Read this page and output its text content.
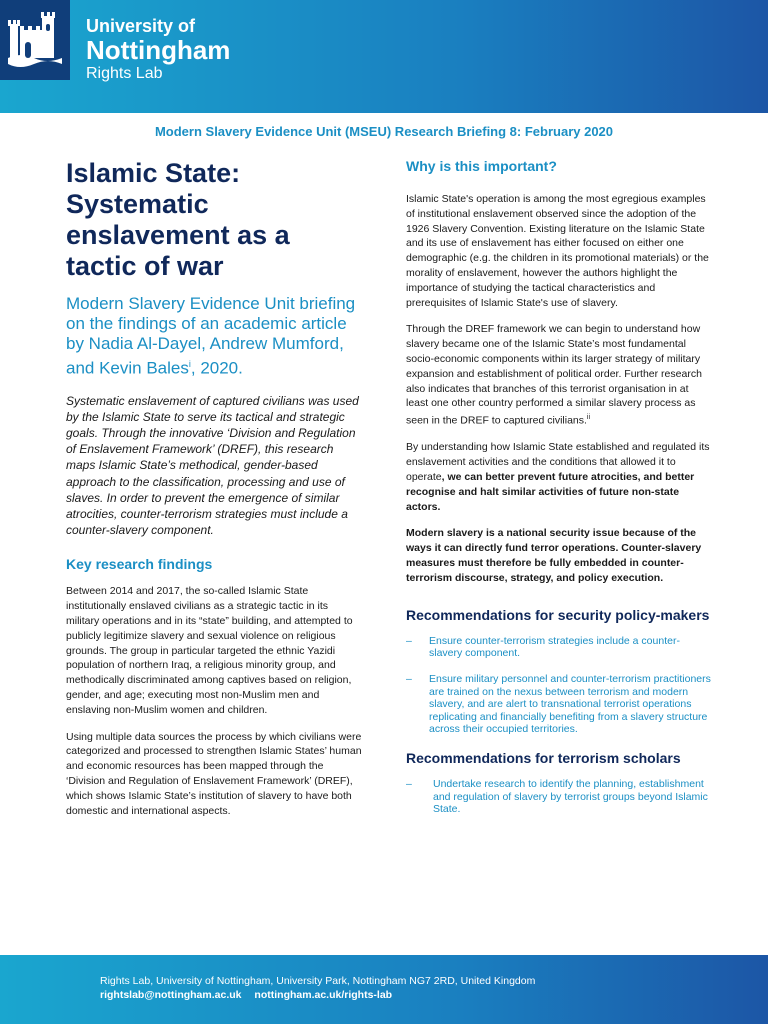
University of
Nottingham
Rights Lab
Modern Slavery Evidence Unit (MSEU) Research Briefing 8: February 2020
Islamic State: Systematic enslavement as a tactic of war
Modern Slavery Evidence Unit briefing on the findings of an academic article by Nadia Al-Dayel, Andrew Mumford, and Kevin Bales$^i$, 2020.

Systematic enslavement of captured civilians was used by the Islamic State to serve its tactical and strategic goals. Through the innovative ‘Division and Regulation of Enslavement Framework’ (DREF), this research maps Islamic State’s methodical, gender-based approach to the classification, processing and use of slaves. In order to prevent the emergence of similar atrocities, counter-terrorism strategies must include a counter-slavery component.

Key research findings

Between 2014 and 2017, the so-called Islamic State institutionally enslaved civilians as a strategic tactic in its military operations and in its “state” building, and attempted to publicly legitimize slavery and sexual violence on religious grounds. The group in particular targeted the ethnic Yazidi population of northern Iraq, a religious minority group, and methodically discriminated among captives based on religion, gender, and age; executing most non-Muslim men and enslaving non-Muslim women and children.

Using multiple data sources the process by which civilians were categorized and processed to strengthen Islamic States’ human and economic resources has been mapped through the ‘Division and Regulation of Enslavement Framework’ (DREF), which shows Islamic State’s institution of slavery to have both domestic and international aspects.

Why is this important?

Islamic State's operation is among the most egregious examples of institutional enslavement observed since the adoption of the 1926 Slavery Convention. Existing literature on the Islamic State and its use of enslavement has either focused on either one demographic (e.g. the children in its promotional materials) or the morality of enslavement, however the authors highlight the importance of studying the tactical characteristics and prerequisites of Islamic State's use of slavery.

Through the DREF framework we can begin to understand how slavery became one of the Islamic State’s most fundamental socio-economic components within its larger strategy of military expansion and establishment of political order. Further research also indicates that branches of this terrorist organisation in at least one other country performed a similar slavery process as seen in the DREF to captured civilians.$^{ii}$

By understanding how Islamic State established and regulated its enslavement activities and the conditions that allowed it to operate, we can better prevent future atrocities, and better recognise and halt similar activities of future non-state actors.

Modern slavery is a national security issue because of the ways it can directly fund terror operations. Counter-slavery measures must therefore be fully embedded in counter-terrorism discourse, strategy, and policy execution.

Recommendations for security policy-makers
– Ensure counter-terrorism strategies include a counter-slavery component.
– Ensure military personnel and counter-terrorism practitioners are trained on the nexus between terrorism and modern slavery, and are alert to transnational terrorist operations replicating and financially benefiting from a slavery structure across their occupied territories.
Recommendations for terrorism scholars
– Undertake research to identify the planning, establishment and regulation of slavery by terrorist groups beyond Islamic State.
Rights Lab, University of Nottingham, University Park, Nottingham NG7 2RD, United Kingdom
rightslab@nottingham.ac.uk nottingham.ac.uk/rights-lab
